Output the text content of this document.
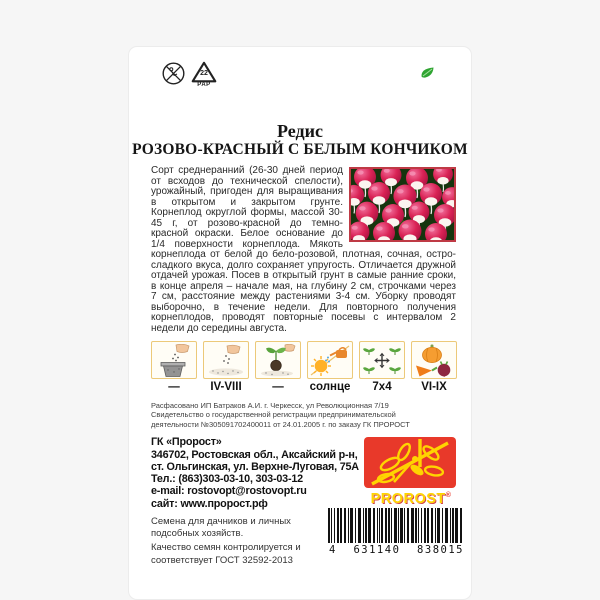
22
PAP
Редис
РОЗОВО-КРАСНЫЙ С БЕЛЫМ КОНЧИКОМ
Сорт среднеранний (26-30 дней период от всходов до технической спелости), урожайный, пригоден для выращивания в открытом и закрытом грунте. Корнеплод округлой формы, массой 30-45 г, от розово-красной до темно-красной окраски. Белое основание до 1/4 поверхности корнеплода. Мякоть корнеплода от белой до бело-розовой, плотная, сочная, остро-сладкого вкуса, долго сохраняет упругость. Отличается дружной отдачей урожая. Посев в открытый грунт в самые ранние сроки, в конце апреля – начале мая, на глубину 2 см, строчками через 7 см, расстояние между растениями 3-4 см. Уборку проводят выборочно, в течение недели. Для повторного получения корнеплодов, проводят повторные посевы с интервалом 2 недели до середины августа.
—	IV-VIII	— солнце 7x4	VI-IX
Расфасовано ИП Батраков А.И. г. Черкесск, ул Революционная 7/19
Свидетельство о государственной регистрации предпринимательской
деятельности №305091702400011 от 24.01.2005 г. по заказу ГК ПРОРОСТ
ГК «Пророст»
346702, Ростовская обл., Аксайский р-н,
ст. Ольгинская, ул. Верхне-Луговая, 75А
Тел.: (863)303-03-10, 303-03-12
e-mail: rostovopt@rostovopt.ru
сайт: www.пророст.рф
Семена для дачников и личных подсобных хозяйств.
Качество семян контролируется и соответствует ГОСТ 32592-2013
PROROST®
4 631140 838015
